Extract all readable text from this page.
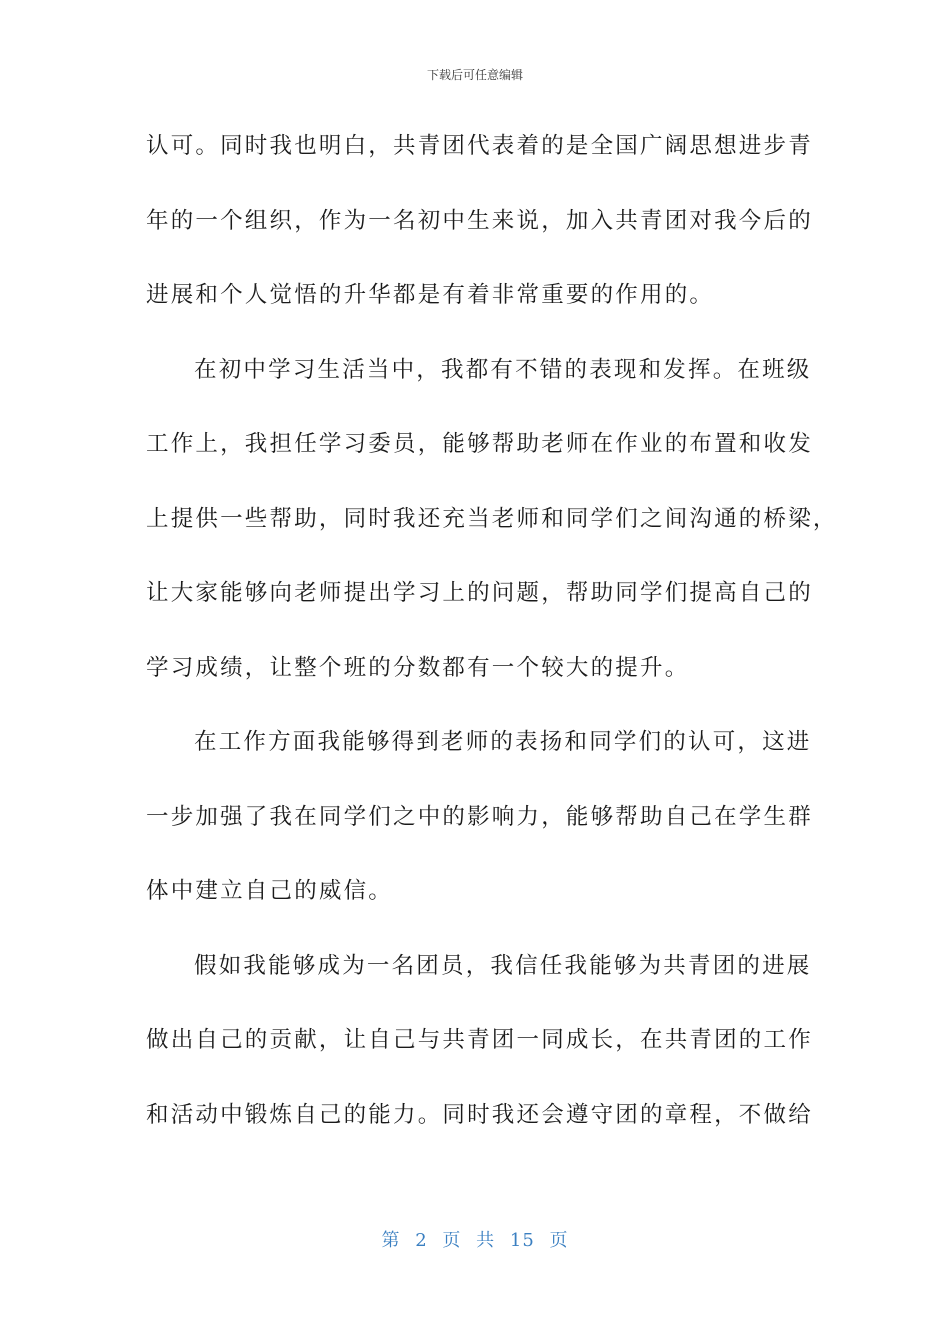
下载后可任意编辑
认可。同时我也明白，共青团代表着的是全国广阔思想进步青
年的一个组织，作为一名初中生来说，加入共青团对我今后的
进展和个人觉悟的升华都是有着非常重要的作用的。
在初中学习生活当中，我都有不错的表现和发挥。在班级
工作上，我担任学习委员，能够帮助老师在作业的布置和收发
上提供一些帮助，同时我还充当老师和同学们之间沟通的桥梁，
让大家能够向老师提出学习上的问题，帮助同学们提高自己的
学习成绩，让整个班的分数都有一个较大的提升。
在工作方面我能够得到老师的表扬和同学们的认可，这进
一步加强了我在同学们之中的影响力，能够帮助自己在学生群
体中建立自己的威信。
假如我能够成为一名团员，我信任我能够为共青团的进展
做出自己的贡献，让自己与共青团一同成长，在共青团的工作
和活动中锻炼自己的能力。同时我还会遵守团的章程，不做给
第 2 页 共 15 页
